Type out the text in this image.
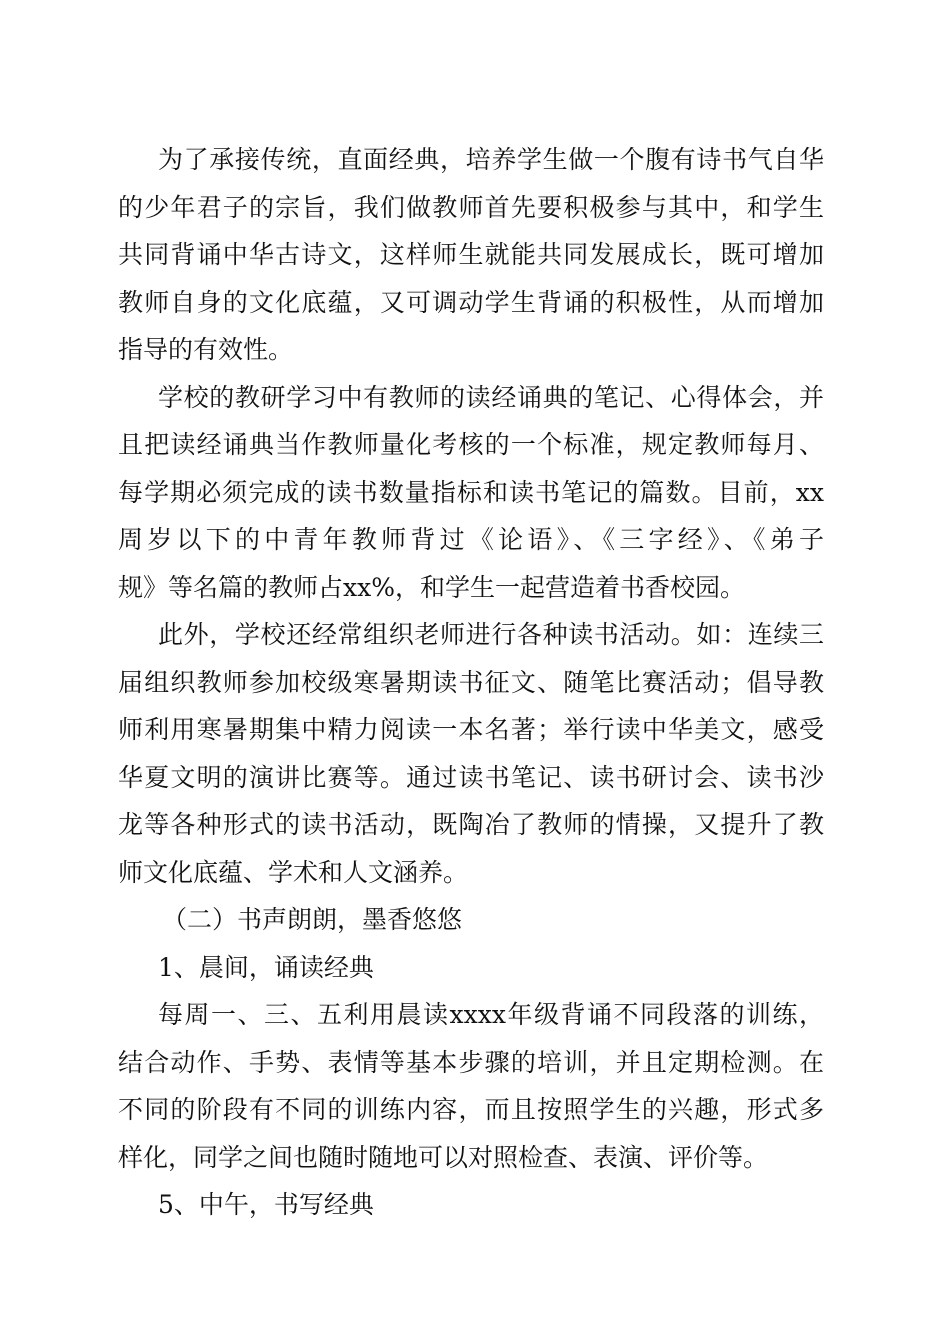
为了承接传统，直面经典，培养学生做一个腹有诗书气自华
的少年君子的宗旨，我们做教师首先要积极参与其中，和学生
共同背诵中华古诗文，这样师生就能共同发展成长，既可增加
教师自身的文化底蕴，又可调动学生背诵的积极性，从而增加
指导的有效性。
学校的教研学习中有教师的读经诵典的笔记、心得体会，并
且把读经诵典当作教师量化考核的一个标准，规定教师每月、
每学期必须完成的读书数量指标和读书笔记的篇数。目前，xx
周岁以下的中青年教师背过《论语》、《三字经》、《弟子
规》等名篇的教师占xx%，和学生一起营造着书香校园。
此外，学校还经常组织老师进行各种读书活动。如：连续三
届组织教师参加校级寒暑期读书征文、随笔比赛活动；倡导教
师利用寒暑期集中精力阅读一本名著；举行读中华美文，感受
华夏文明的演讲比赛等。通过读书笔记、读书研讨会、读书沙
龙等各种形式的读书活动，既陶冶了教师的情操，又提升了教
师文化底蕴、学术和人文涵养。
（二）书声朗朗，墨香悠悠
1、晨间，诵读经典
每周一、三、五利用晨读xxxx年级背诵不同段落的训练，
结合动作、手势、表情等基本步骤的培训，并且定期检测。在
不同的阶段有不同的训练内容，而且按照学生的兴趣，形式多
样化，同学之间也随时随地可以对照检查、表演、评价等。
5、中午，书写经典
